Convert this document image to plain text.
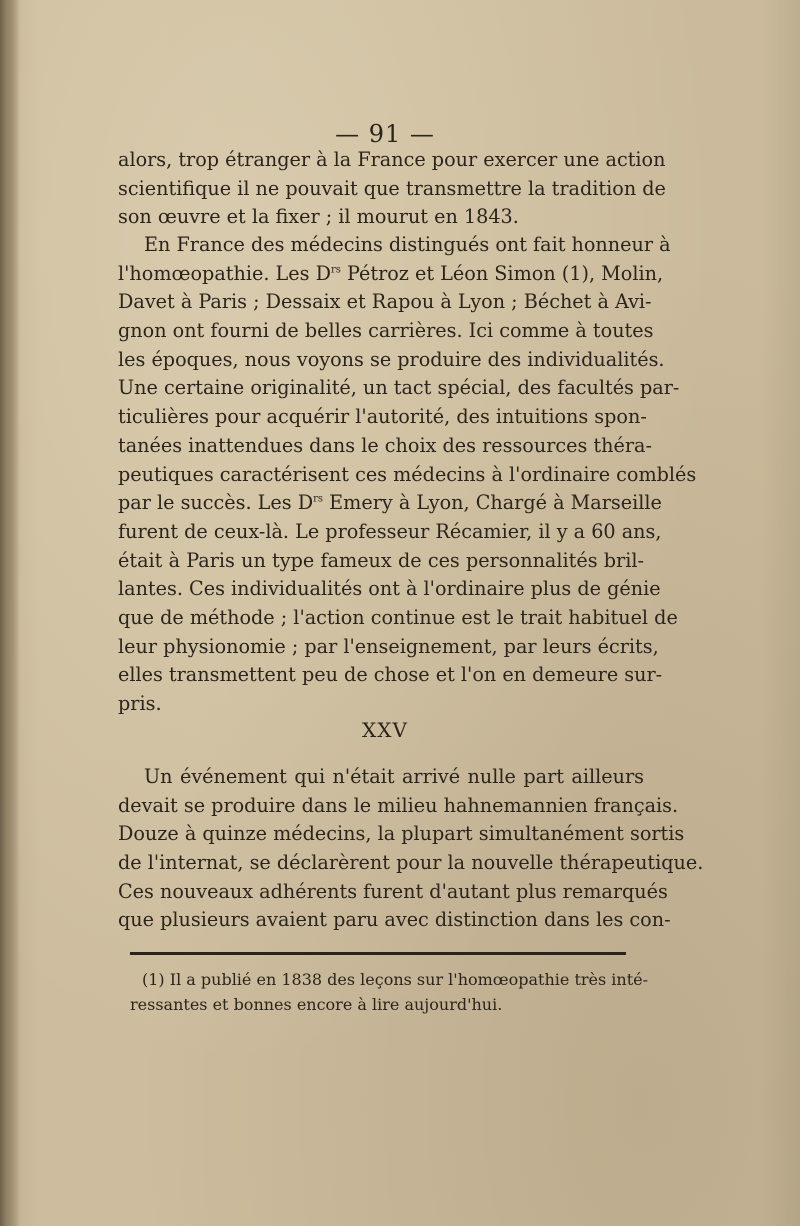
— 91 —
alors, trop étranger à la France pour exercer une action
scientifique il ne pouvait que transmettre la tradition de
son œuvre et la fixer ; il mourut en 1843.
En France des médecins distingués ont fait honneur à
l'homœopathie. Les $D^{rs}$ Pétroz et Léon Simon (1), Molin,
Davet à Paris ; Dessaix et Rapou à Lyon ; Béchet à Avi-
gnon ont fourni de belles carrières. Ici comme à toutes
les époques, nous voyons se produire des individualités.
Une certaine originalité, un tact spécial, des facultés par-
ticulières pour acquérir l'autorité, des intuitions spon-
tanées inattendues dans le choix des ressources théra-
peutiques caractérisent ces médecins à l'ordinaire comblés
par le succès. Les $D^{rs}$ Emery à Lyon, Chargé à Marseille
furent de ceux-là. Le professeur Récamier, il y a 60 ans,
était à Paris un type fameux de ces personnalités bril-
lantes. Ces individualités ont à l'ordinaire plus de génie
que de méthode ; l'action continue est le trait habituel de
leur physionomie ; par l'enseignement, par leurs écrits,
elles transmettent peu de chose et l'on en demeure sur-
pris.
XXV
Un événement qui n'était arrivé nulle part ailleurs
devait se produire dans le milieu hahnemannien français.
Douze à quinze médecins, la plupart simultanément sortis
de l'internat, se déclarèrent pour la nouvelle thérapeutique.
Ces nouveaux adhérents furent d'autant plus remarqués
que plusieurs avaient paru avec distinction dans les con-
(1) Il a publié en 1838 des leçons sur l'homœopathie très inté-
ressantes et bonnes encore à lire aujourd'hui.
